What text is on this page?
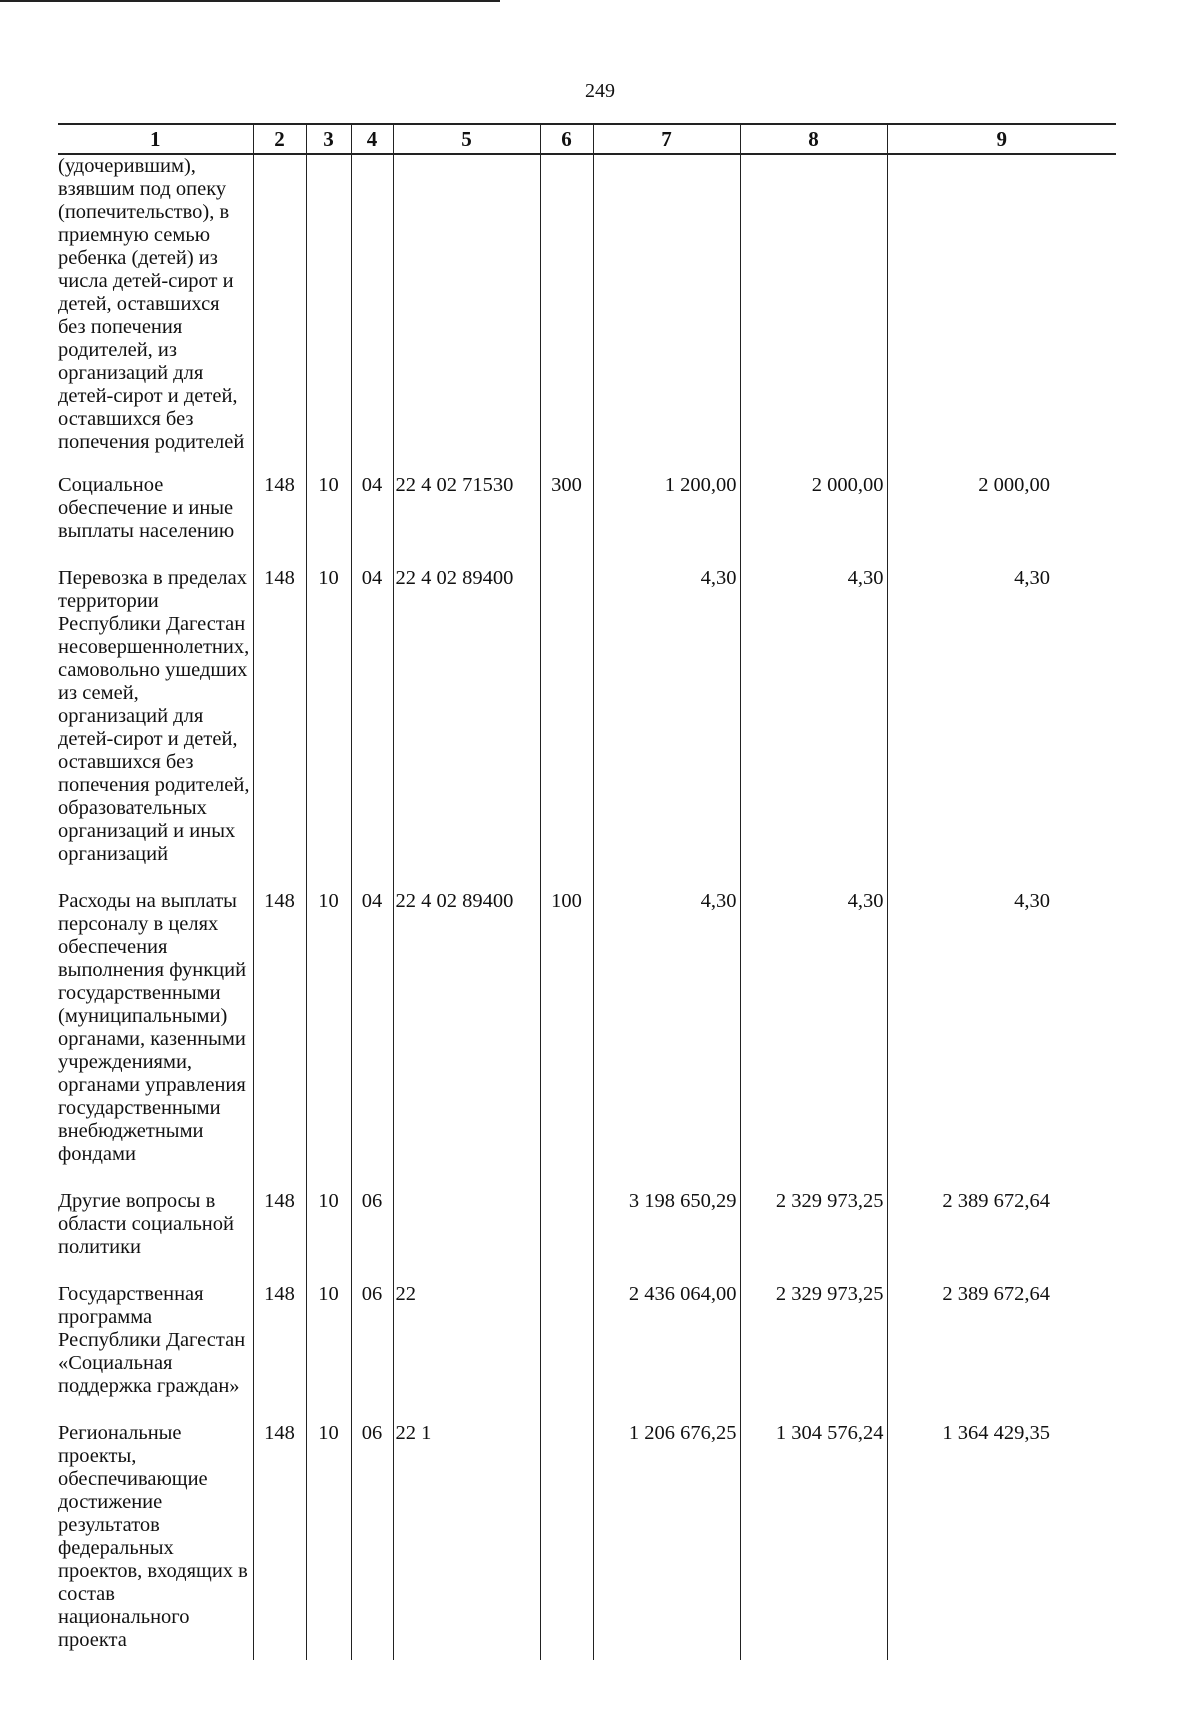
249
1	2	3	4	5	6	7	8	9
(удочерившим), взявшим под опеку (попечительство), в приемную семью ребенка (детей) из числа детей-сирот и детей, оставшихся без попечения родителей, из организаций для детей-сирот и детей, оставшихся без попечения родителей								
Социальное обеспечение и иные выплаты населению	148	10	04	22 4 02 71530	300	1 200,00	2 000,00	2 000,00
Перевозка в пределах территории Республики Дагестан несовершеннолетних, самовольно ушедших из семей, организаций для детей-сирот и детей, оставшихся без попечения родителей, образовательных организаций и иных организаций	148	10	04	22 4 02 89400		4,30	4,30	4,30
Расходы на выплаты персоналу в целях обеспечения выполнения функций государственными (муниципальными) органами, казенными учреждениями, органами управления государственными внебюджетными фондами	148	10	04	22 4 02 89400	100	4,30	4,30	4,30
Другие вопросы в области социальной политики	148	10	06			3 198 650,29	2 329 973,25	2 389 672,64
Государственная программа Республики Дагестан «Социальная поддержка граждан»	148	10	06	22		2 436 064,00	2 329 973,25	2 389 672,64
Региональные проекты, обеспечивающие достижение результатов федеральных проектов, входящих в состав национального проекта	148	10	06	22 1		1 206 676,25	1 304 576,24	1 364 429,35
